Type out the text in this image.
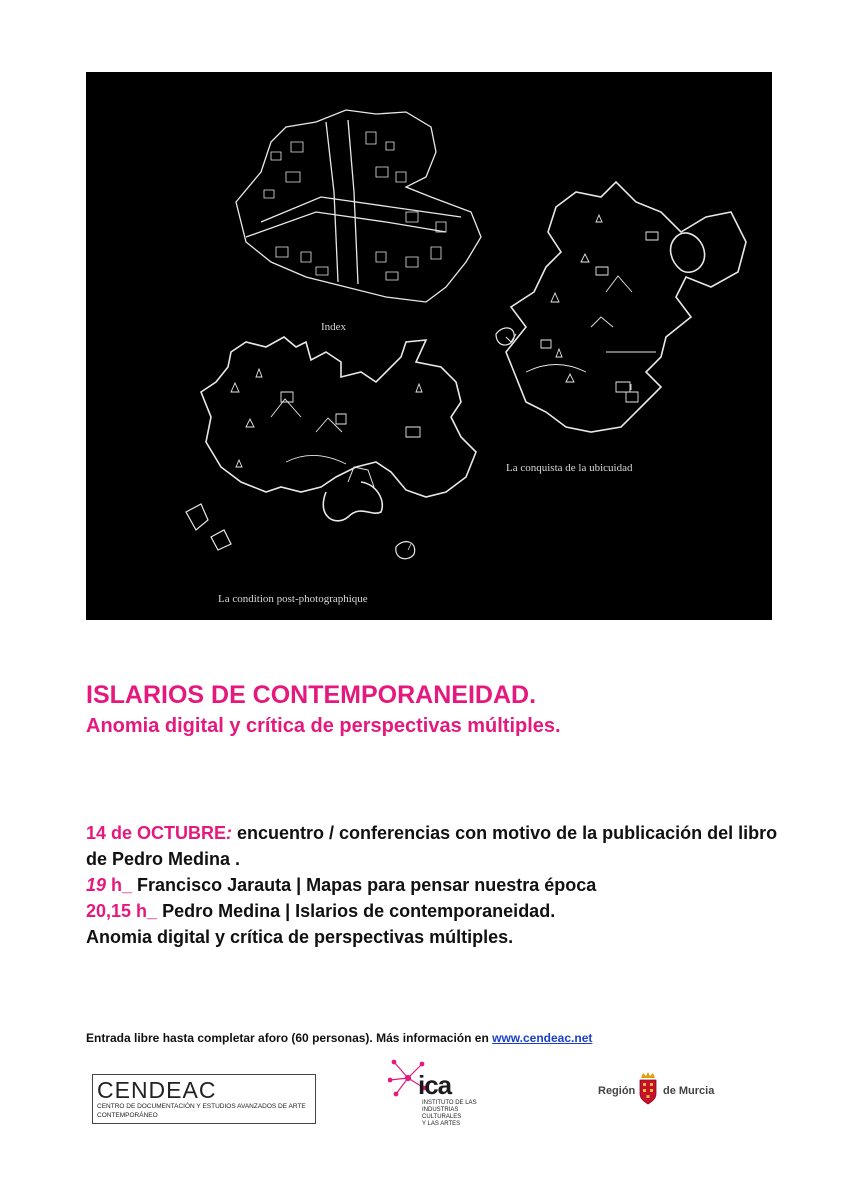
Index
La conquista de la ubicuidad
La condition post-photographique
ISLARIOS DE CONTEMPORANEIDAD.
Anomia digital y crítica de perspectivas múltiples.

14 de OCTUBRE: encuentro / conferencias con motivo de la publicación del libro de Pedro Medina .

19 h_ Francisco Jarauta | Mapas para pensar nuestra época

20,15 h_ Pedro Medina | Islarios de contemporaneidad.

Anomia digital y crítica de perspectivas múltiples.

Entrada libre hasta completar aforo (60 personas). Más información en www.cendeac.net

CENDEAC
CENTRO DE DOCUMENTACIÓN Y ESTUDIOS AVANZADOS DE ARTE CONTEMPORÁNEO
ica
INSTITUTO DE LAS
INDUSTRIAS CULTURALES
Y LAS ARTES
Región	de Murcia
